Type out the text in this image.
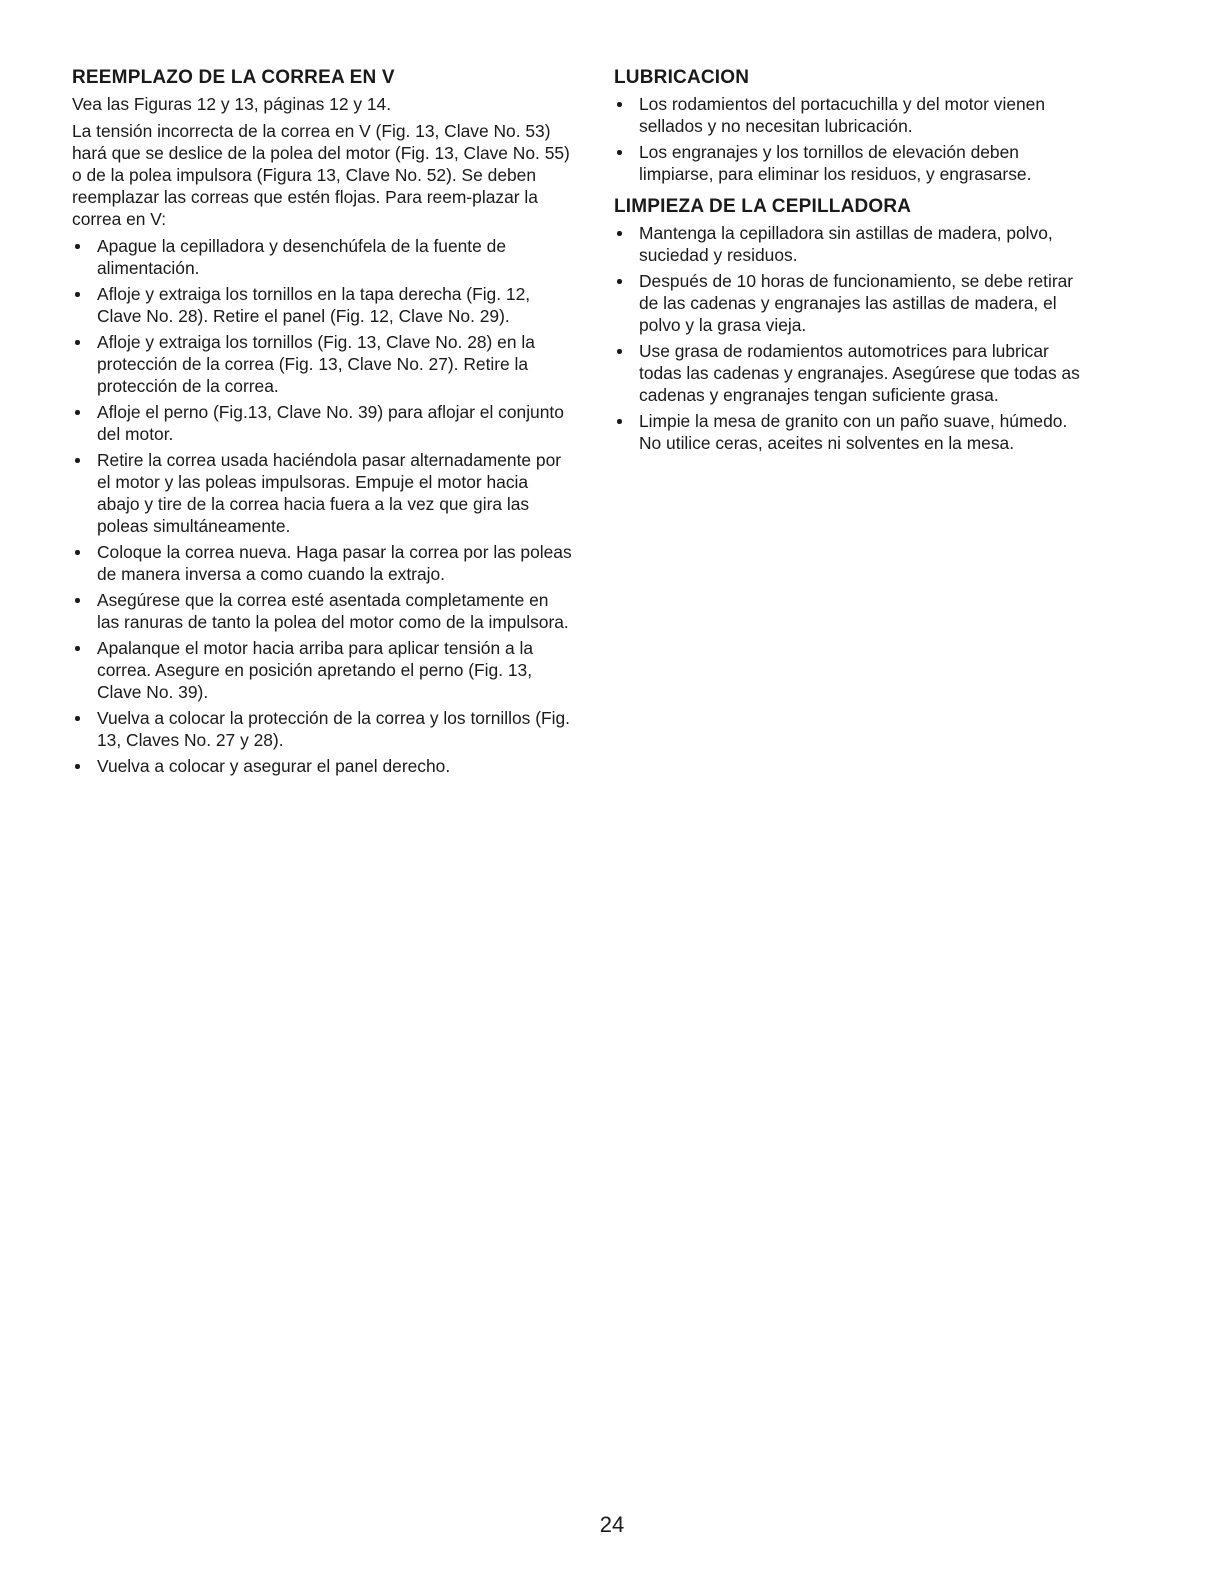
REEMPLAZO DE LA CORREA EN V

Vea las Figuras 12 y 13, páginas 12 y 14.

La tensión incorrecta de la correa en V (Fig. 13, Clave No. 53) hará que se deslice de la polea del motor (Fig. 13, Clave No. 55) o de la polea impulsora (Figura 13, Clave No. 52). Se deben reemplazar las correas que estén flojas. Para reem-plazar la correa en V:

Apague la cepilladora y desenchúfela de la fuente de alimentación.
Afloje y extraiga los tornillos en la tapa derecha (Fig. 12, Clave No. 28). Retire el panel (Fig. 12, Clave No. 29).
Afloje y extraiga los tornillos (Fig. 13, Clave No. 28) en la protección de la correa (Fig. 13, Clave No. 27). Retire la protección de la correa.
Afloje el perno (Fig.13, Clave No. 39) para aflojar el conjunto del motor.
Retire la correa usada haciéndola pasar alternadamente por el motor y las poleas impulsoras. Empuje el motor hacia abajo y tire de la correa hacia fuera a la vez que gira las poleas simultáneamente.
Coloque la correa nueva. Haga pasar la correa por las poleas de manera inversa a como cuando la extrajo.
Asegúrese que la correa esté asentada completamente en las ranuras de tanto la polea del motor como de la impulsora.
Apalanque el motor hacia arriba para aplicar tensión a la correa. Asegure en posición apretando el perno (Fig. 13, Clave No. 39).
Vuelva a colocar la protección de la correa y los tornillos (Fig. 13, Claves No. 27 y 28).
Vuelva a colocar y asegurar el panel derecho.
LUBRICACION
Los rodamientos del portacuchilla y del motor vienen sellados y no necesitan lubricación.
Los engranajes y los tornillos de elevación deben limpiarse, para eliminar los residuos, y engrasarse.
LIMPIEZA DE LA CEPILLADORA
Mantenga la cepilladora sin astillas de madera, polvo, suciedad y residuos.
Después de 10 horas de funcionamiento, se debe retirar de las cadenas y engranajes las astillas de madera, el polvo y la grasa vieja.
Use grasa de rodamientos automotrices para lubricar todas las cadenas y engranajes. Asegúrese que todas as cadenas y engranajes tengan suficiente grasa.
Limpie la mesa de granito con un paño suave, húmedo. No utilice ceras, aceites ni solventes en la mesa.
24
